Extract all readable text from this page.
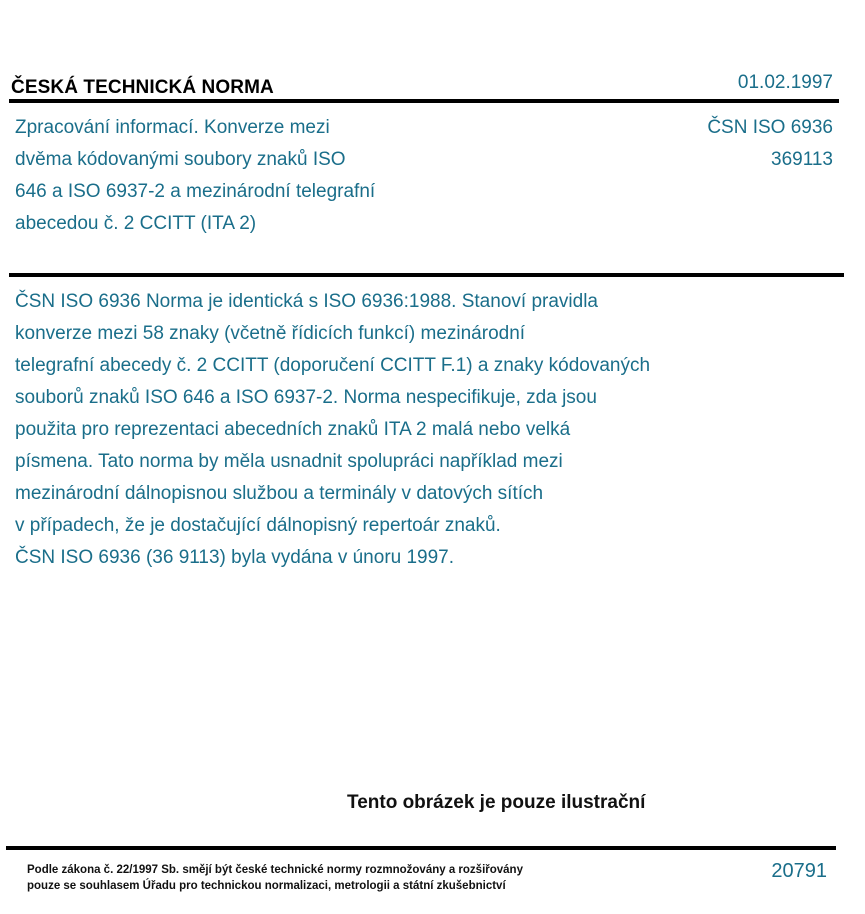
ČESKÁ TECHNICKÁ NORMA	01.02.1997
Zpracování informací. Konverze mezi
dvěma kódovanými soubory znaků ISO
646 a ISO 6937-2 a mezinárodní telegrafní
abecedou č. 2 CCITT (ITA 2)
ČSN ISO 6936
369113
ČSN ISO 6936 Norma je identická s ISO 6936:1988. Stanoví pravidla
konverze mezi 58 znaky (včetně řídicích funkcí) mezinárodní
telegrafní abecedy č. 2 CCITT (doporučení CCITT F.1) a znaky kódovaných
souborů znaků ISO 646 a ISO 6937-2. Norma nespecifikuje, zda jsou
použita pro reprezentaci abecedních znaků ITA 2 malá nebo velká
písmena. Tato norma by měla usnadnit spolupráci například mezi
mezinárodní dálnopisnou službou a terminály v datových sítích
v případech, že je dostačující dálnopisný repertoár znaků.
ČSN ISO 6936 (36 9113) byla vydána v únoru 1997.
Tento obrázek je pouze ilustrační
Podle zákona č. 22/1997 Sb. smějí být české technické normy rozmnožovány a rozšiřovány
pouze se souhlasem Úřadu pro technickou normalizaci, metrologii a státní zkušebnictví
20791
